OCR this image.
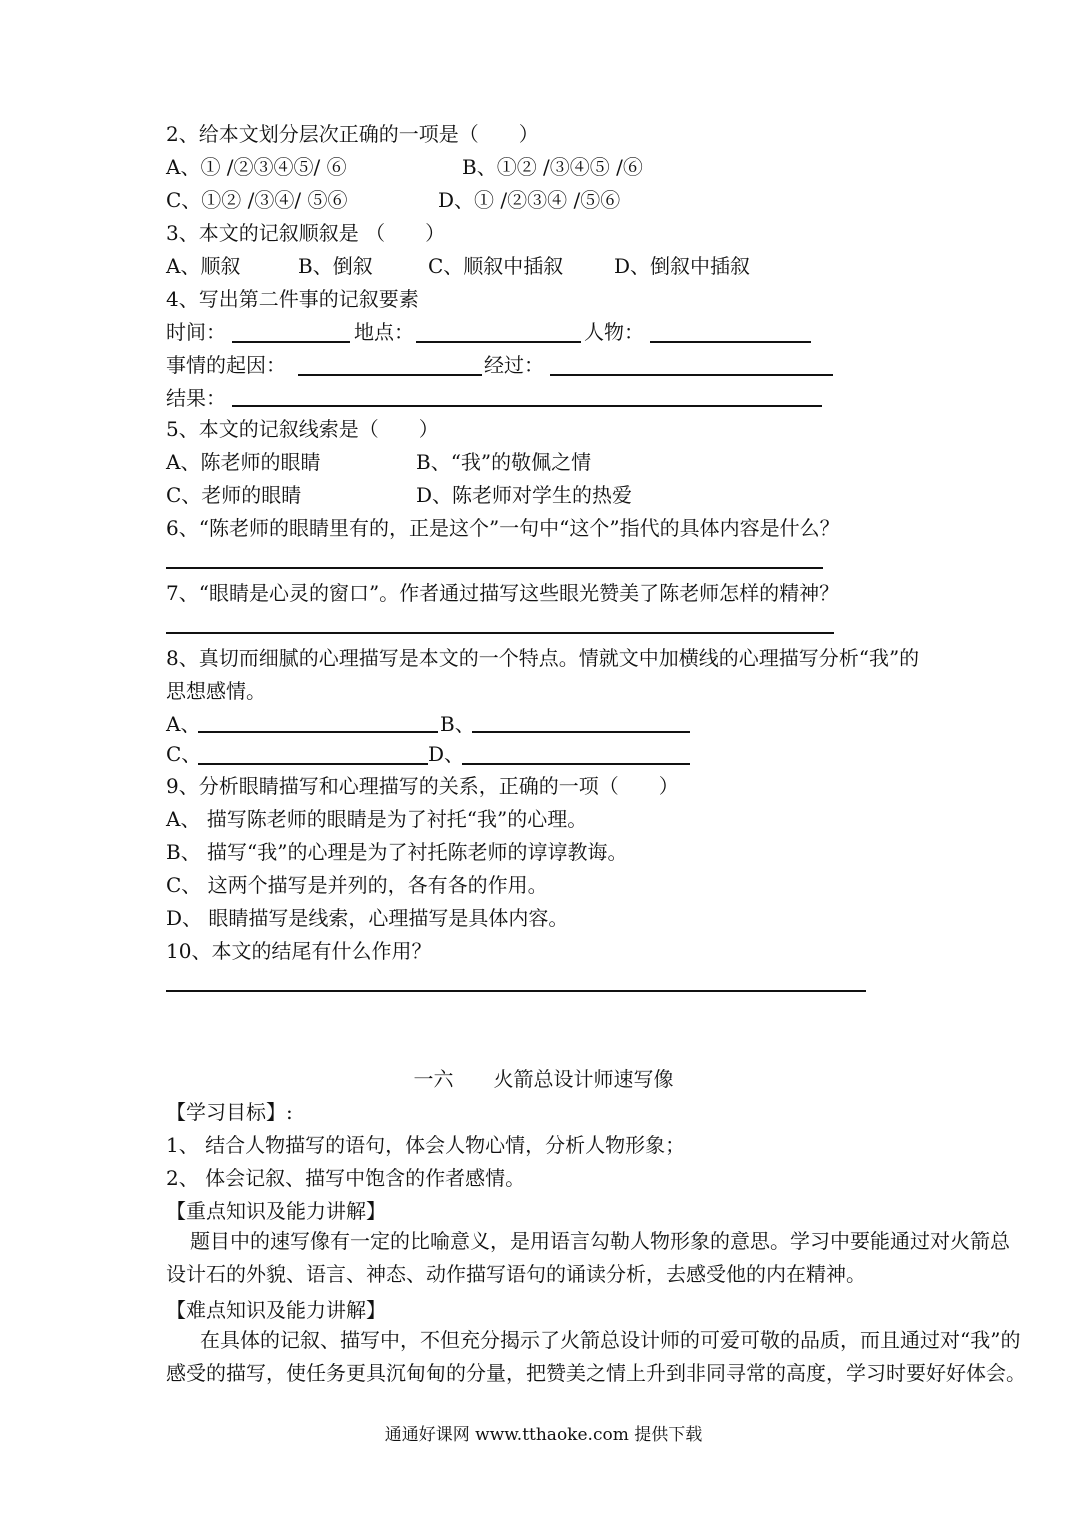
2、给本文划分层次正确的一项是（　　）
A、① /②③④⑤/ ⑥	B、①② /③④⑤ /⑥
C、①② /③④/ ⑤⑥	D、① /②③④ /⑤⑥
3、本文的记叙顺叙是 （　　）
A、顺叙	B、倒叙	C、顺叙中插叙	D、倒叙中插叙
4、写出第二件事的记叙要素
时间：	地点：	人物：
事情的起因：	经过：
结果：
5、本文的记叙线索是（　　）
A、陈老师的眼睛	B、“我”的敬佩之情
C、老师的眼睛	D、陈老师对学生的热爱
6、“陈老师的眼睛里有的，正是这个”一句中“这个”指代的具体内容是什么？
7、“眼睛是心灵的窗口”。作者通过描写这些眼光赞美了陈老师怎样的精神？
8、真切而细腻的心理描写是本文的一个特点。情就文中加横线的心理描写分析“我”的
思想感情。
A、	B、
C、	D、
9、分析眼睛描写和心理描写的关系，正确的一项（　　）
A、 描写陈老师的眼睛是为了衬托“我”的心理。
B、 描写“我”的心理是为了衬托陈老师的谆谆教诲。
C、 这两个描写是并列的，各有各的作用。
D、 眼睛描写是线索，心理描写是具体内容。
10、本文的结尾有什么作用？
一六　　火箭总设计师速写像
【学习目标】:
1、 结合人物描写的语句，体会人物心情，分析人物形象；
2、 体会记叙、描写中饱含的作者感情。
【重点知识及能力讲解】
题目中的速写像有一定的比喻意义，是用语言勾勒人物形象的意思。学习中要能通过对火箭总设计石的外貌、语言、神态、动作描写语句的诵读分析，去感受他的内在精神。
【难点知识及能力讲解】
在具体的记叙、描写中，不但充分揭示了火箭总设计师的可爱可敬的品质，而且通过对“我”的感受的描写，使任务更具沉甸甸的分量，把赞美之情上升到非同寻常的高度，学习时要好好体会。
通通好课网 www.tthaoke.com 提供下载
